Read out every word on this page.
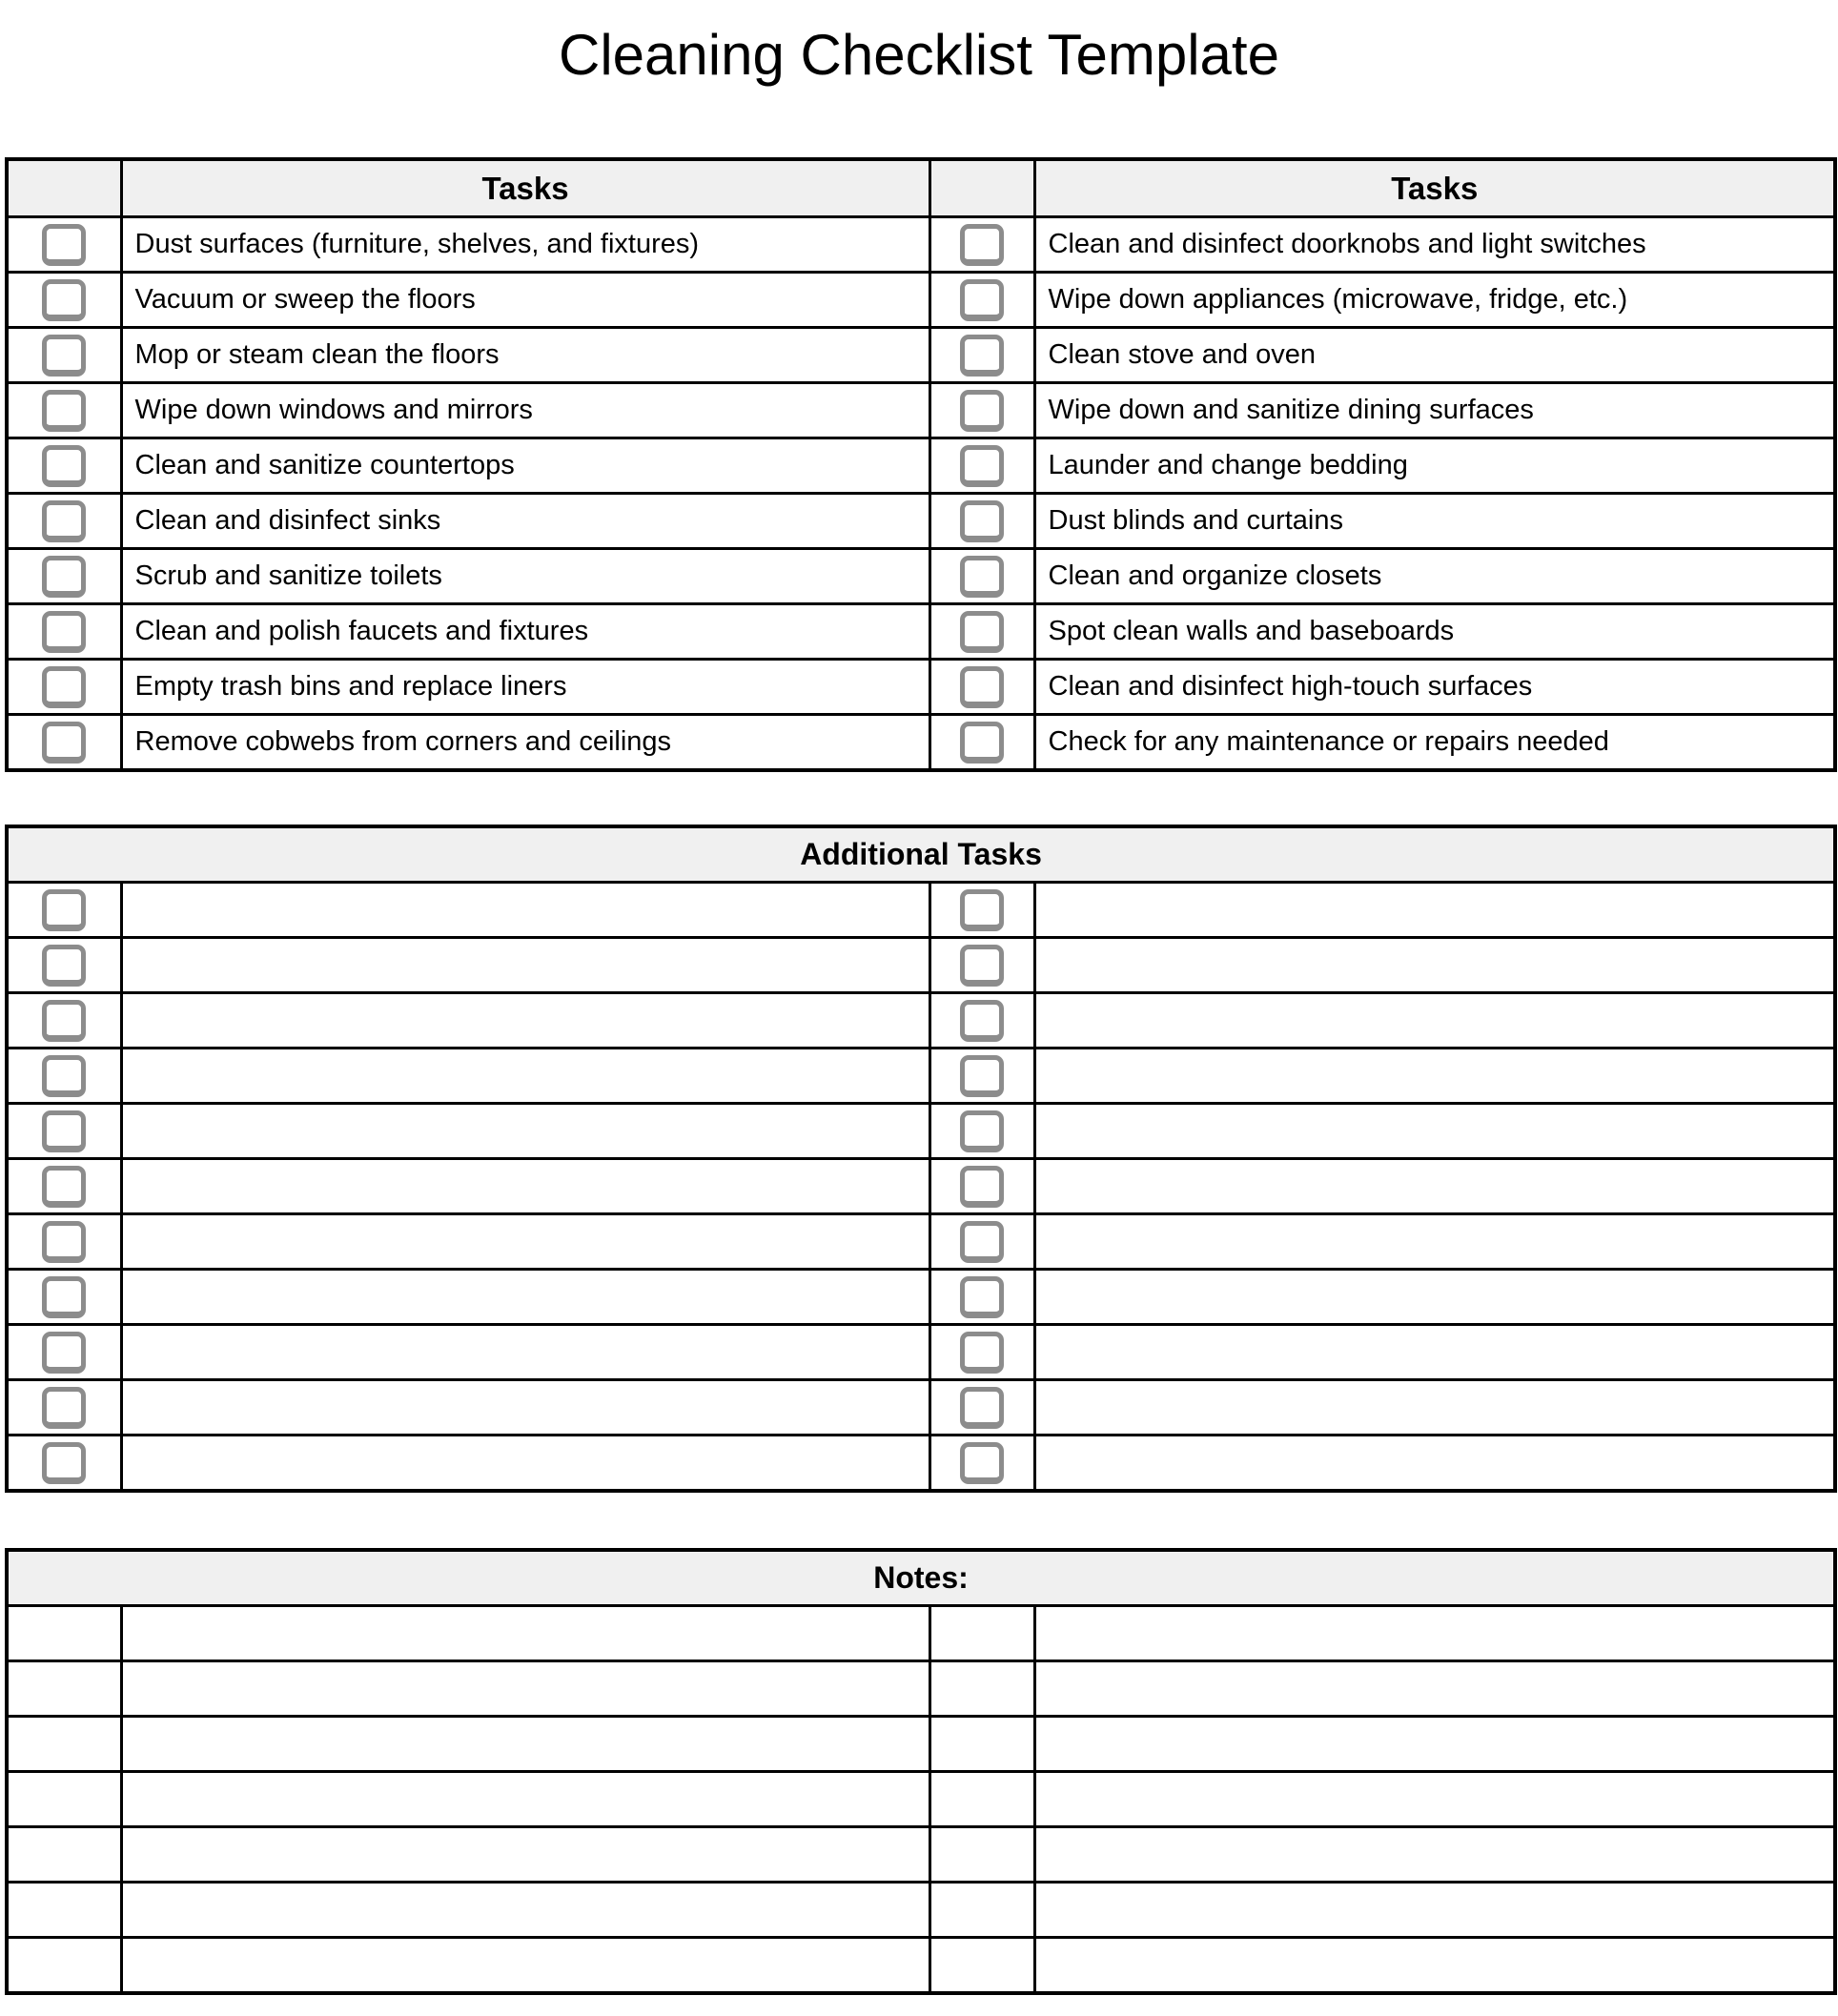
Cleaning Checklist Template
	Tasks		Tasks

	Dust surfaces (furniture, shelves, and fixtures)		Clean and disinfect doorknobs and light switches

	Vacuum or sweep the floors		Wipe down appliances (microwave, fridge, etc.)

	Mop or steam clean the floors		Clean stove and oven

	Wipe down windows and mirrors		Wipe down and sanitize dining surfaces

	Clean and sanitize countertops		Launder and change bedding

	Clean and disinfect sinks		Dust blinds and curtains

	Scrub and sanitize toilets		Clean and organize closets

	Clean and polish faucets and fixtures		Spot clean walls and baseboards

	Empty trash bins and replace liners		Clean and disinfect high-touch surfaces

	Remove cobwebs from corners and ceilings		Check for any maintenance or repairs needed
Additional Tasks			

Notes:			
